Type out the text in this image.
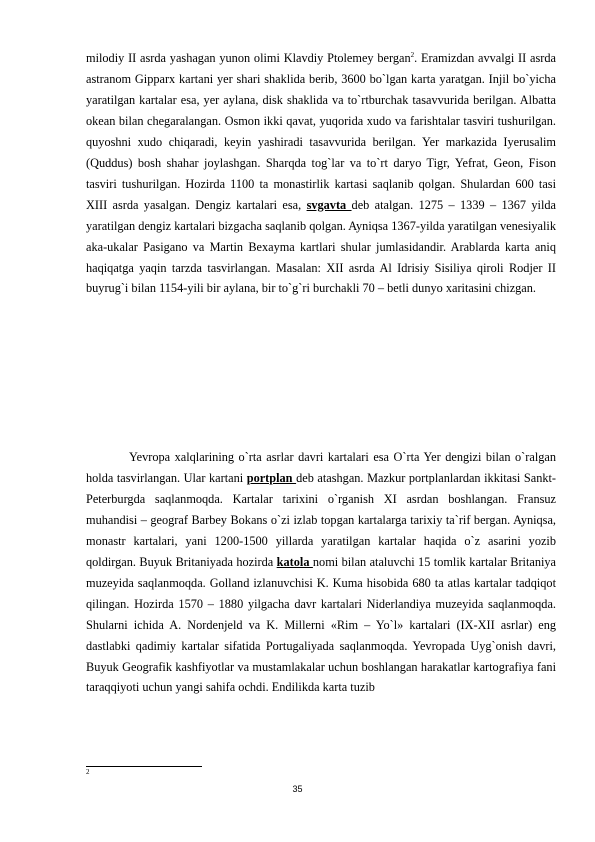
milodiy II asrda yashagan yunon olimi Klavdiy Ptolemey bergan$^2$. Eramizdan avvalgi II asrda astranom Gipparx kartani yer shari shaklida berib, 3600 bo`lgan karta yaratgan. Injil bo`yicha yaratilgan kartalar esa, yer aylana, disk shaklida va to`rtburchak tasavvurida berilgan. Albatta okean bilan chegaralangan. Osmon ikki qavat, yuqorida xudo va farishtalar tasviri tushurilgan. quyoshni xudo chiqaradi, keyin yashiradi tasavvurida berilgan. Yer markazida Iyerusalim (Quddus) bosh shahar joylashgan. Sharqda tog`lar va to`rt daryo Tigr, Yefrat, Geon, Fison tasviri tushurilgan. Hozirda 1100 ta monastirlik kartasi saqlanib qolgan. Shulardan 600 tasi XIII asrda yasalgan. Dengiz kartalari esa, svgavta deb atalgan. 1275 – 1339 – 1367 yilda yaratilgan dengiz kartalari bizgacha saqlanib qolgan. Ayniqsa 1367-yilda yaratilgan venesiyalik aka-ukalar Pasigano va Martin Bexayma kartlari shular jumlasidandir. Arablarda karta aniq haqiqatga yaqin tarzda tasvirlangan. Masalan: XII asrda Al Idrisiy Sisiliya qiroli Rodjer II buyrug`i bilan 1154-yili bir aylana, bir to`g`ri burchakli 70 – betli dunyo xaritasini chizgan.

Yevropa xalqlarining o`rta asrlar davri kartalari esa O`rta Yer dengizi bilan o`ralgan holda tasvirlangan. Ular kartani portplan deb atashgan. Mazkur portplanlardan ikkitasi Sankt-Peterburgda saqlanmoqda. Kartalar tarixini o`rganish XI asrdan boshlangan. Fransuz muhandisi – geograf Barbey Bokans o`zi izlab topgan kartalarga tarixiy ta`rif bergan. Ayniqsa, monastr kartalari, yani 1200-1500 yillarda yaratilgan kartalar haqida o`z asarini yozib qoldirgan. Buyuk Britaniyada hozirda katola nomi bilan ataluvchi 15 tomlik kartalar Britaniya muzeyida saqlanmoqda. Golland izlanuvchisi K. Kuma hisobida 680 ta atlas kartalar tadqiqot qilingan. Hozirda 1570 – 1880 yilgacha davr kartalari Niderlandiya muzeyida saqlanmoqda. Shularni ichida A. Nordenjeld va K. Millerni «Rim – Yo`l» kartalari (IX-XII asrlar) eng dastlabki qadimiy kartalar sifatida Portugaliyada saqlanmoqda. Yevropada Uyg`onish davri, Buyuk Geografik kashfiyotlar va mustamlakalar uchun boshlangan harakatlar kartografiya fani taraqqiyoti uchun yangi sahifa ochdi. Endilikda karta tuzib

2
35
